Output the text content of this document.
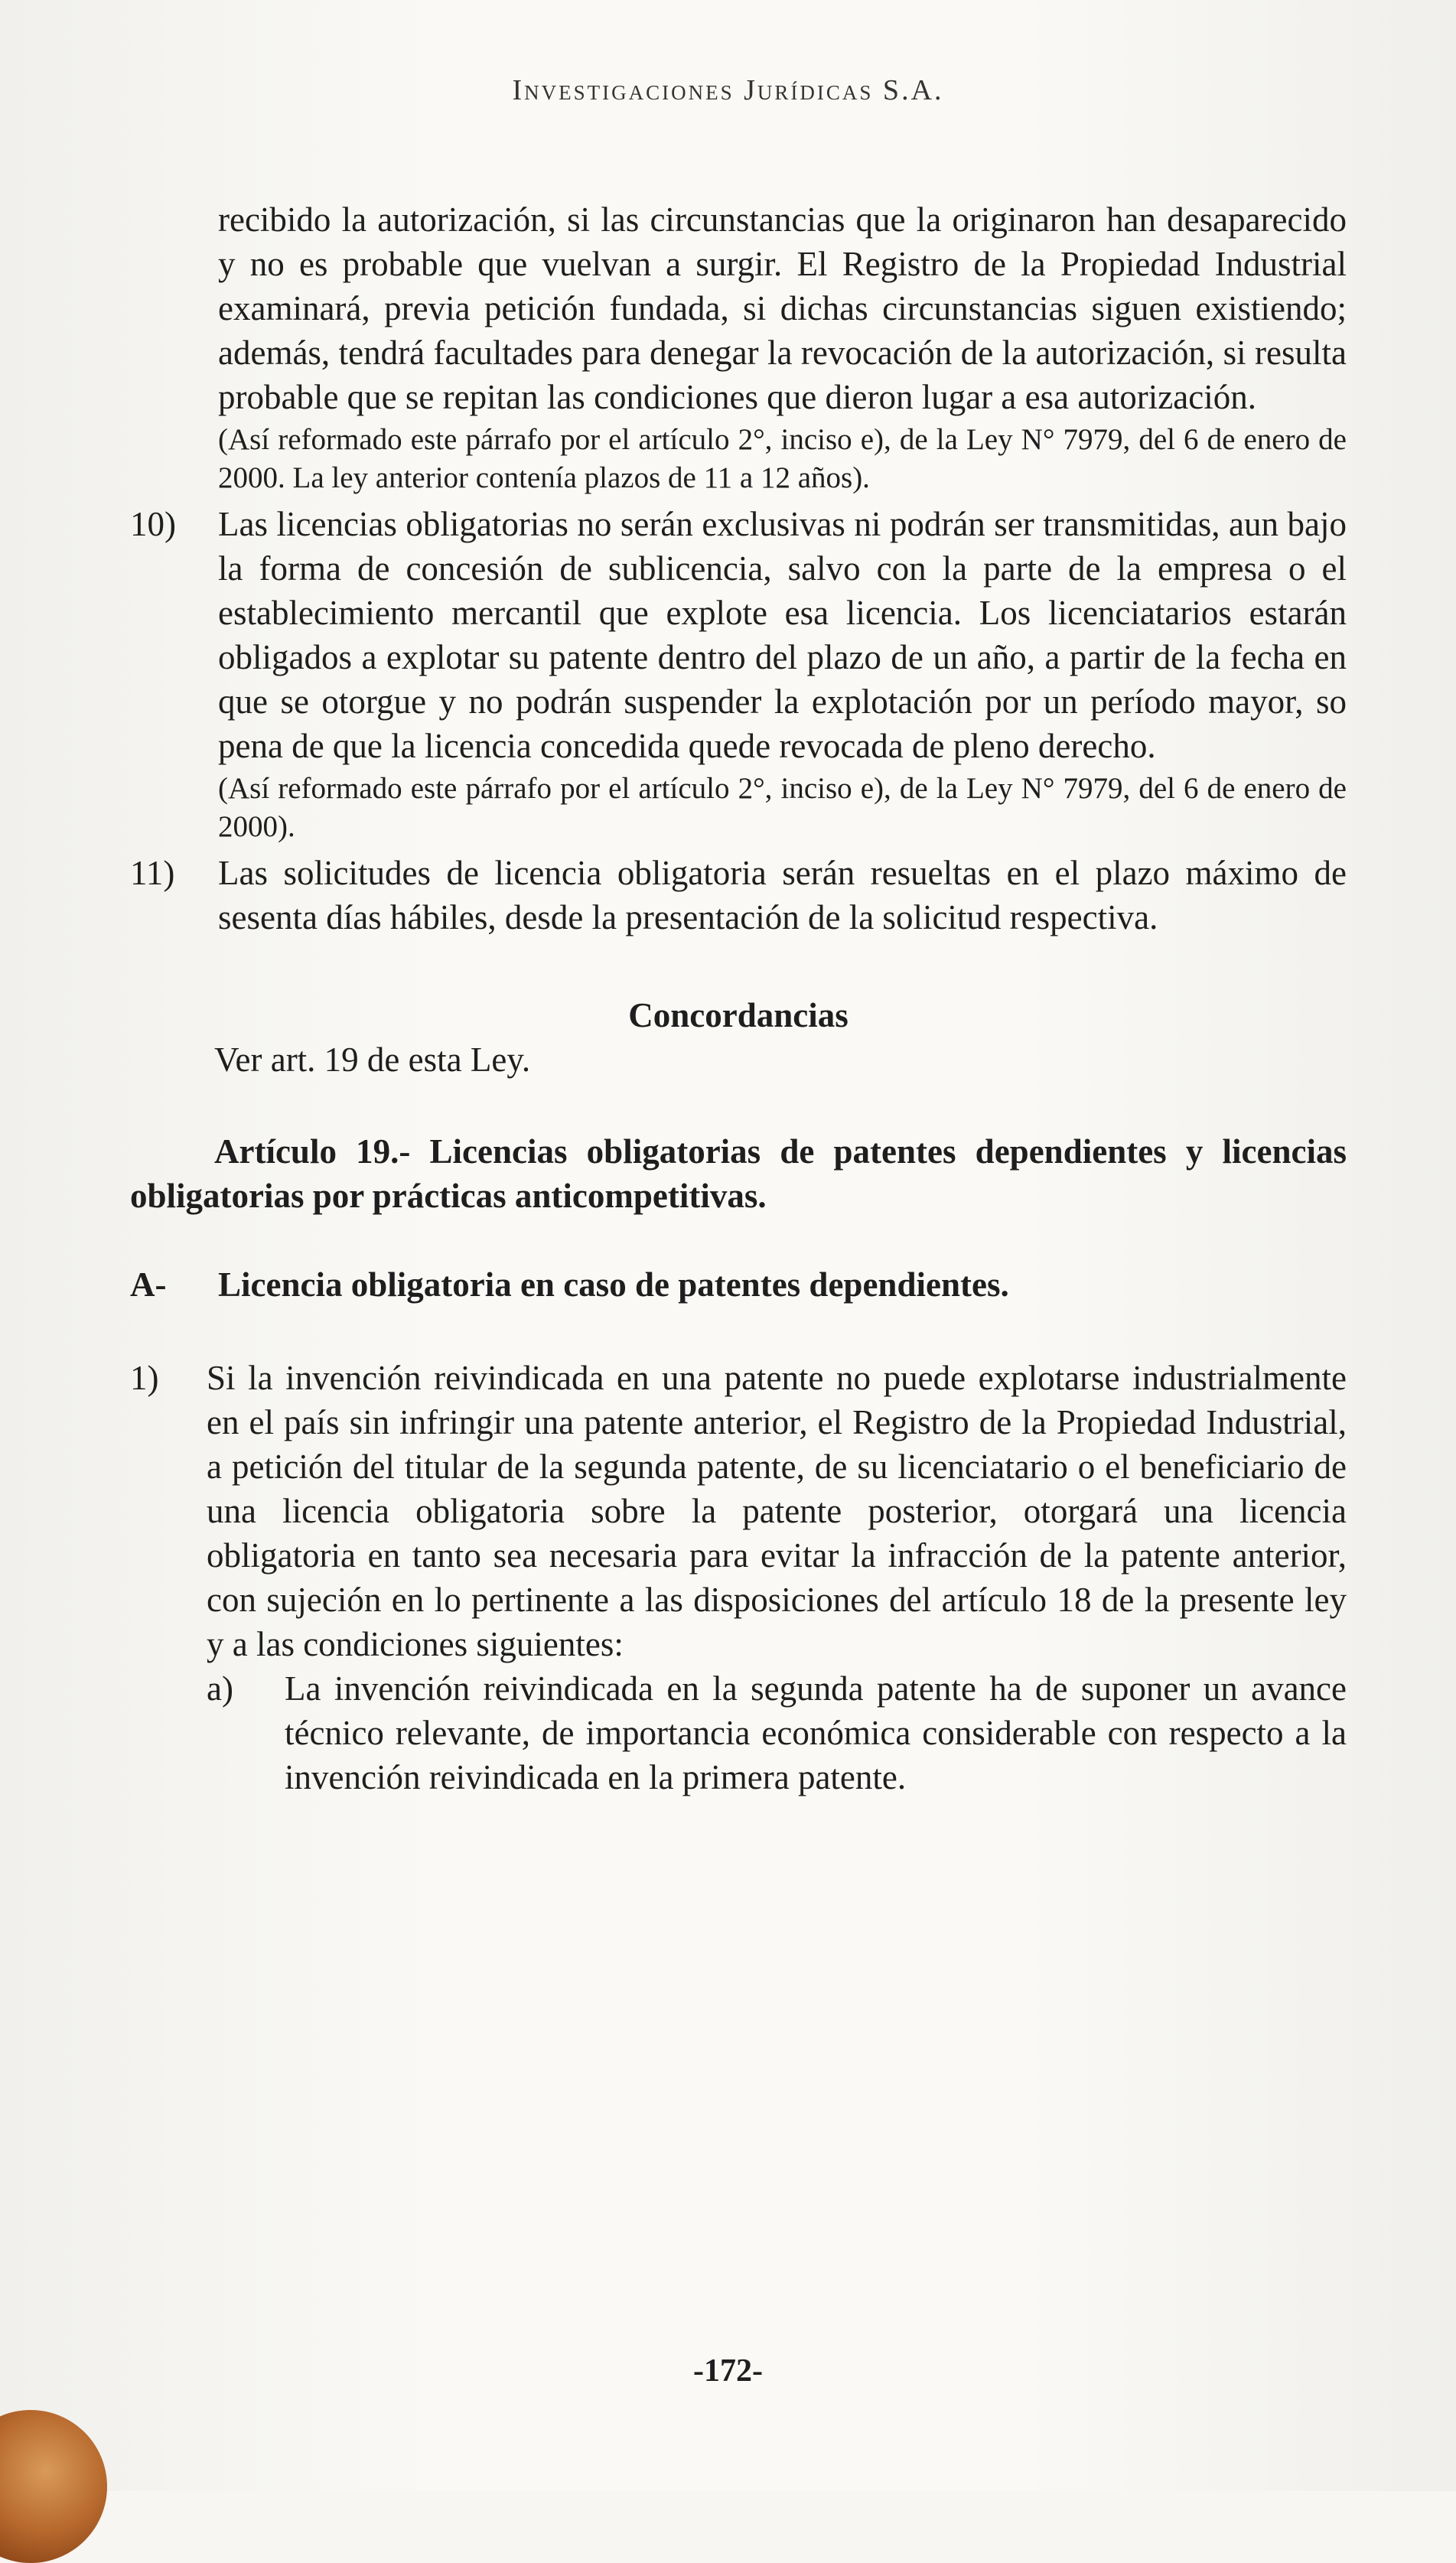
Investigaciones Jurídicas S.A.
recibido la autorización, si las circunstancias que la originaron han desaparecido y no es probable que vuelvan a surgir. El Registro de la Propiedad Industrial examinará, previa petición fundada, si dichas circunstancias siguen existiendo; además, tendrá facultades para denegar la revocación de la autorización, si resulta probable que se repitan las condiciones que dieron lugar a esa autorización.
(Así reformado este párrafo por el artículo 2°, inciso e), de la Ley N° 7979, del 6 de enero de 2000. La ley anterior contenía plazos de 11 a 12 años).
10) Las licencias obligatorias no serán exclusivas ni podrán ser transmitidas, aun bajo la forma de concesión de sublicencia, salvo con la parte de la empresa o el establecimiento mercantil que explote esa licencia. Los licenciatarios estarán obligados a explotar su patente dentro del plazo de un año, a partir de la fecha en que se otorgue y no podrán suspender la explotación por un período mayor, so pena de que la licencia concedida quede revocada de pleno derecho.
(Así reformado este párrafo por el artículo 2°, inciso e), de la Ley N° 7979, del 6 de enero de 2000).
11) Las solicitudes de licencia obligatoria serán resueltas en el plazo máximo de sesenta días hábiles, desde la presentación de la solicitud respectiva.
Concordancias
Ver art. 19 de esta Ley.
Artículo 19.- Licencias obligatorias de patentes dependientes y licencias obligatorias por prácticas anticompetitivas.
A- Licencia obligatoria en caso de patentes dependientes.
1) Si la invención reivindicada en una patente no puede explotarse industrialmente en el país sin infringir una patente anterior, el Registro de la Propiedad Industrial, a petición del titular de la segunda patente, de su licenciatario o el beneficiario de una licencia obligatoria sobre la patente posterior, otorgará una licencia obligatoria en tanto sea necesaria para evitar la infracción de la patente anterior, con sujeción en lo pertinente a las disposiciones del artículo 18 de la presente ley y a las condiciones siguientes:
a) La invención reivindicada en la segunda patente ha de suponer un avance técnico relevante, de importancia económica considerable con respecto a la invención reivindicada en la primera patente.
-172-
